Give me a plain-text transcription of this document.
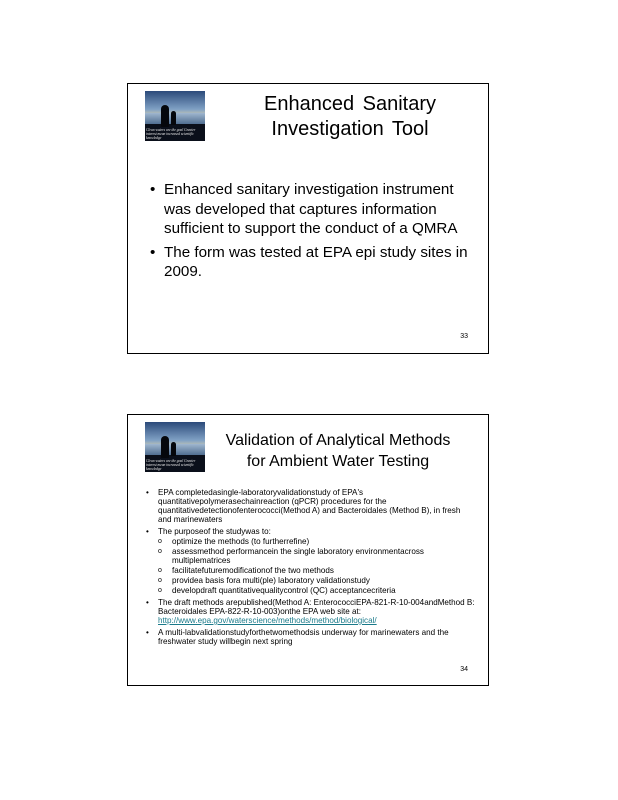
Clean waters are the goal Greater interest mean increased scientific knowledge
Enhanced Sanitary
Investigation Tool
• Enhanced sanitary investigation instrument was developed that captures information sufficient to support the conduct of a QMRA
• The form was tested at EPA epi study sites in 2009.
33
Clean waters are the goal Greater interest mean increased scientific knowledge
Validation of Analytical Methods
for Ambient Water Testing
• EPA completedasingle-laboratoryvalidationstudy of EPA's quantitativepolymerasechainreaction (qPCR) procedures for the quantitativedetectionofenterococci(Method A) and Bacteroidales (Method B), in fresh and marinewaters
• The purposeof the studywas to:
o optimize the methods (to furtherrefine)
o assessmethod performancein the single laboratory environmentacross multiplematrices
o facilitatefuturemodificationof the two methods
o providea basis fora multi(ple) laboratory validationstudy
o developdraft quantitativequalitycontrol (QC) acceptancecriteria
• The draft methods arepublished(Method A: EnterococciEPA-821-R-10-004andMethod B: Bacteroidales EPA-822-R-10-003)onthe EPA web site at:
http://www.epa.gov/waterscience/methods/method/biological/
• A multi-labvalidationstudyforthetwomethodsis underway for marinewaters and the freshwater study willbegin next spring
34
